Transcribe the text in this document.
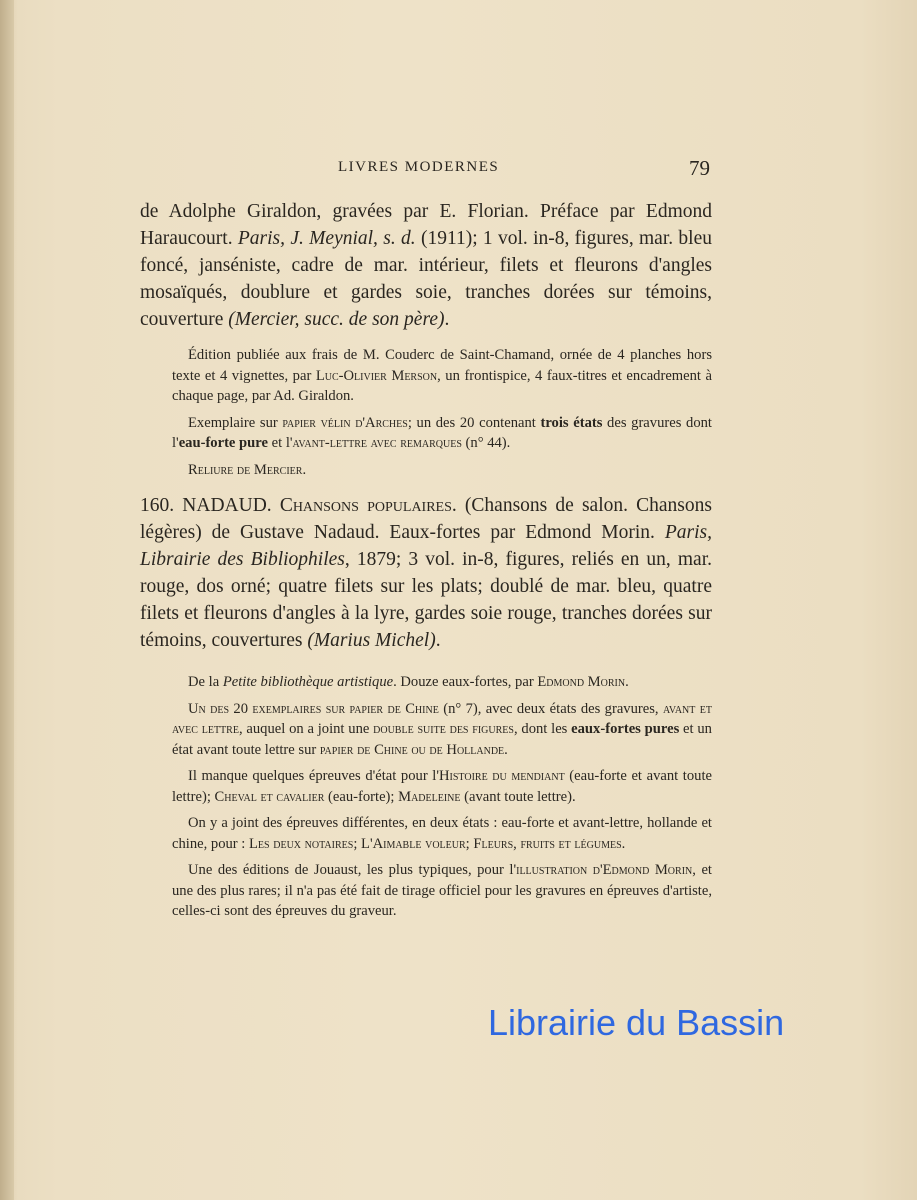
LIVRES MODERNES	79
de Adolphe Giraldon, gravées par E. Florian. Préface par Edmond Haraucourt. Paris, J. Meynial, s. d. (1911); 1 vol. in-8, figures, mar. bleu foncé, janséniste, cadre de mar. intérieur, filets et fleurons d'angles mosaïqués, doublure et gardes soie, tranches dorées sur témoins, couverture (Mercier, succ. de son père).

Édition publiée aux frais de M. Couderc de Saint-Chamand, ornée de 4 planches hors texte et 4 vignettes, par Luc-Olivier Merson, un frontispice, 4 faux-titres et encadrement à chaque page, par Ad. Giraldon.

Exemplaire sur papier vélin d'Arches; un des 20 contenant trois états des gravures dont l'eau-forte pure et l'avant-lettre avec remarques (n° 44).

Reliure de Mercier.

160. NADAUD. Chansons populaires. (Chansons de salon. Chansons légères) de Gustave Nadaud. Eaux-fortes par Edmond Morin. Paris, Librairie des Bibliophiles, 1879; 3 vol. in-8, figures, reliés en un, mar. rouge, dos orné; quatre filets sur les plats; doublé de mar. bleu, quatre filets et fleurons d'angles à la lyre, gardes soie rouge, tranches dorées sur témoins, couvertures (Marius Michel).

De la Petite bibliothèque artistique. Douze eaux-fortes, par Edmond Morin.

Un des 20 exemplaires sur papier de Chine (n° 7), avec deux états des gravures, avant et avec lettre, auquel on a joint une double suite des figures, dont les eaux-fortes pures et un état avant toute lettre sur papier de Chine ou de Hollande.

Il manque quelques épreuves d'état pour l'Histoire du mendiant (eau-forte et avant toute lettre); Cheval et cavalier (eau-forte); Madeleine (avant toute lettre).

On y a joint des épreuves différentes, en deux états : eau-forte et avant-lettre, hollande et chine, pour : Les deux notaires; L'Aimable voleur; Fleurs, fruits et légumes.

Une des éditions de Jouaust, les plus typiques, pour l'illustration d'Edmond Morin, et une des plus rares; il n'a pas été fait de tirage officiel pour les gravures en épreuves d'artiste, celles-ci sont des épreuves du graveur.

Librairie du Bassin
